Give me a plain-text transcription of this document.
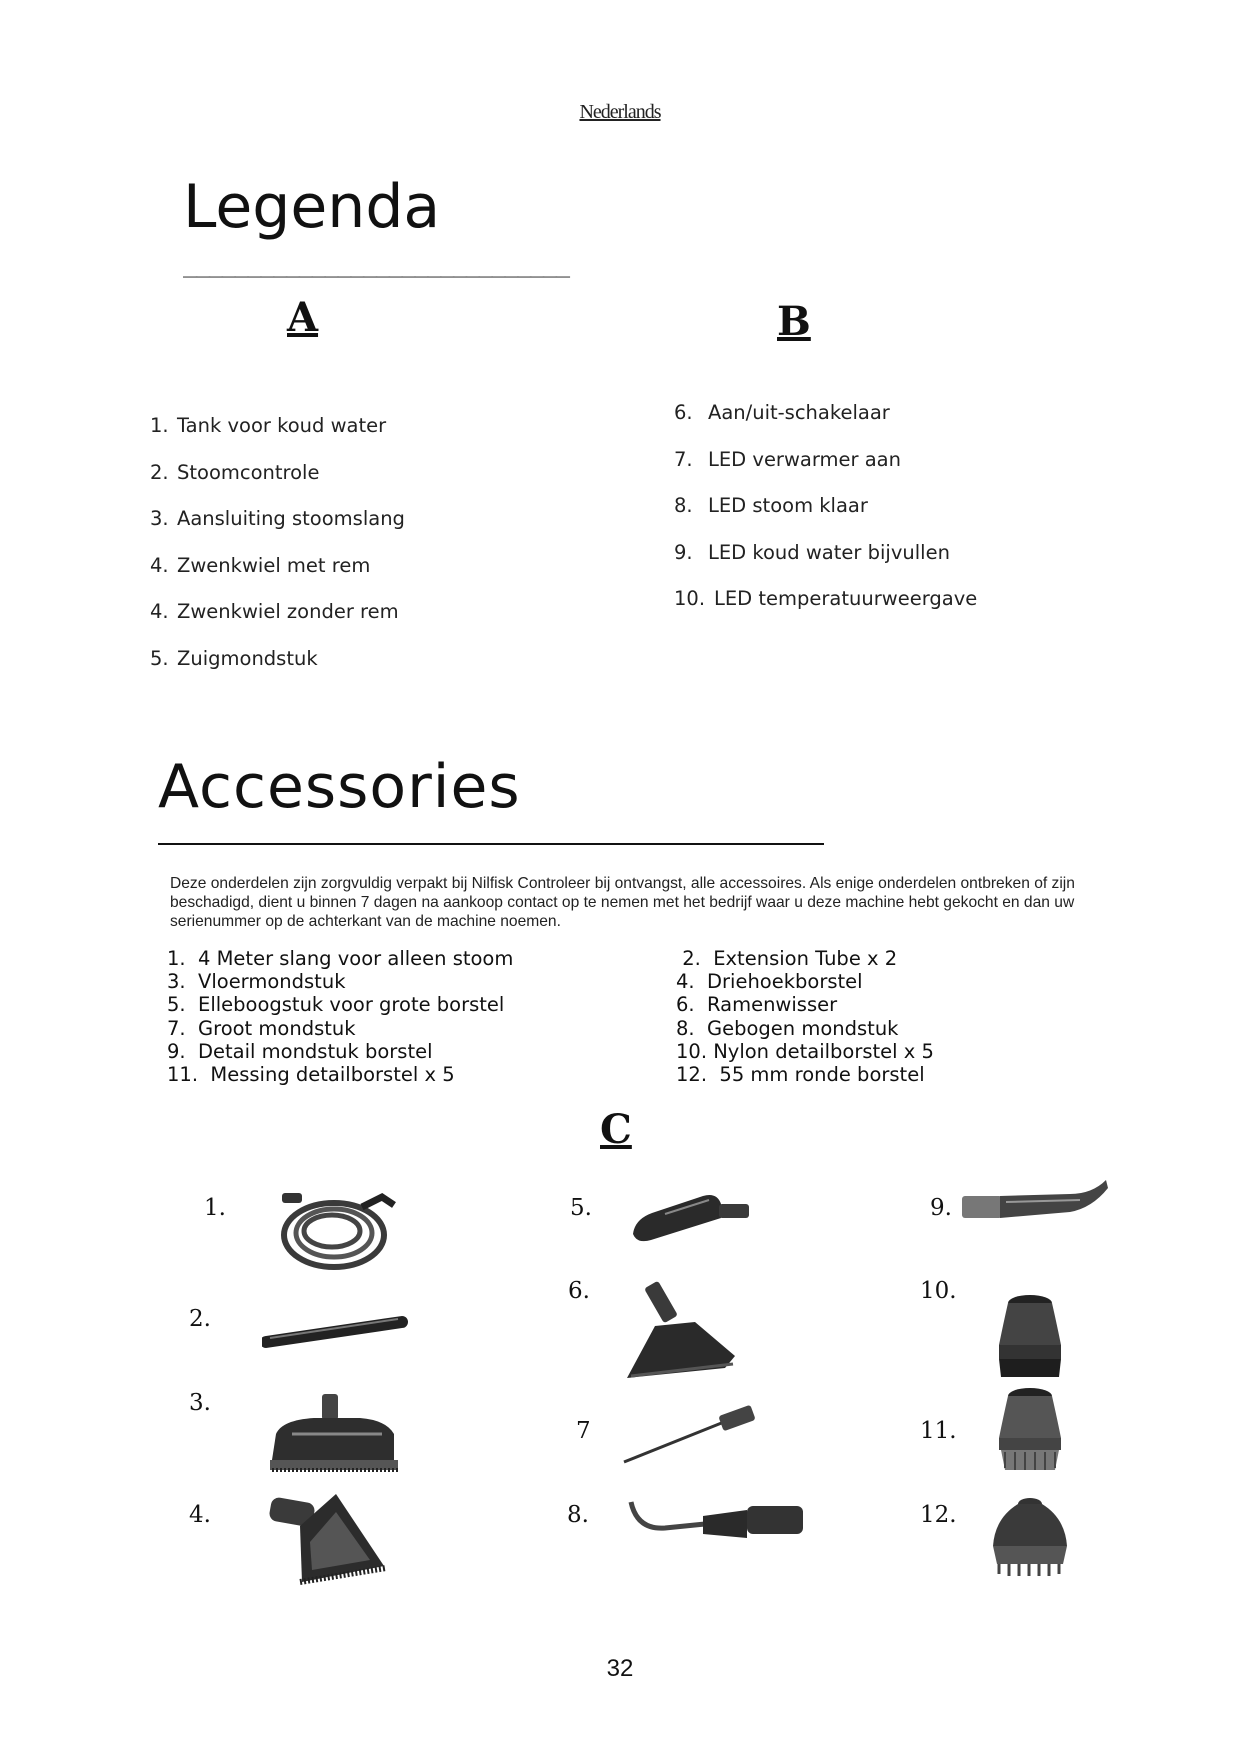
Nederlands
Legenda
______________________________
A	B
1. Tank voor koud water
2. Stoomcontrole
3. Aansluiting stoomslang
4. Zwenkwiel met rem
4. Zwenkwiel zonder rem
5. Zuigmondstuk
6. Aan/uit-schakelaar
7. LED verwarmer aan
8. LED stoom klaar
9. LED koud water bijvullen
10. LED temperatuurweergave
Accessories
Deze onderdelen zijn zorgvuldig verpakt bij Nilfisk Controleer bij ontvangst, alle accessoires. Als enige onderdelen ontbreken of zijn beschadigd, dient u binnen 7 dagen na aankoop contact op te nemen met het bedrijf waar u deze machine hebt gekocht en dan uw serienummer op de achterkant van de machine noemen.
1.  4 Meter slang voor alleen stoom
3.  Vloermondstuk
5.  Elleboogstuk voor grote borstel
7.  Groot mondstuk
9.  Detail mondstuk borstel
11.  Messing detailborstel x 5
2.  Extension Tube x 2
4.  Driehoekborstel
6.  Ramenwisser
8.  Gebogen mondstuk
10. Nylon detailborstel x 5
12.  55 mm ronde borstel
C
1.
2.
3.
4.
5.
6.
7
8.
9.
10.
11.
12.
32
